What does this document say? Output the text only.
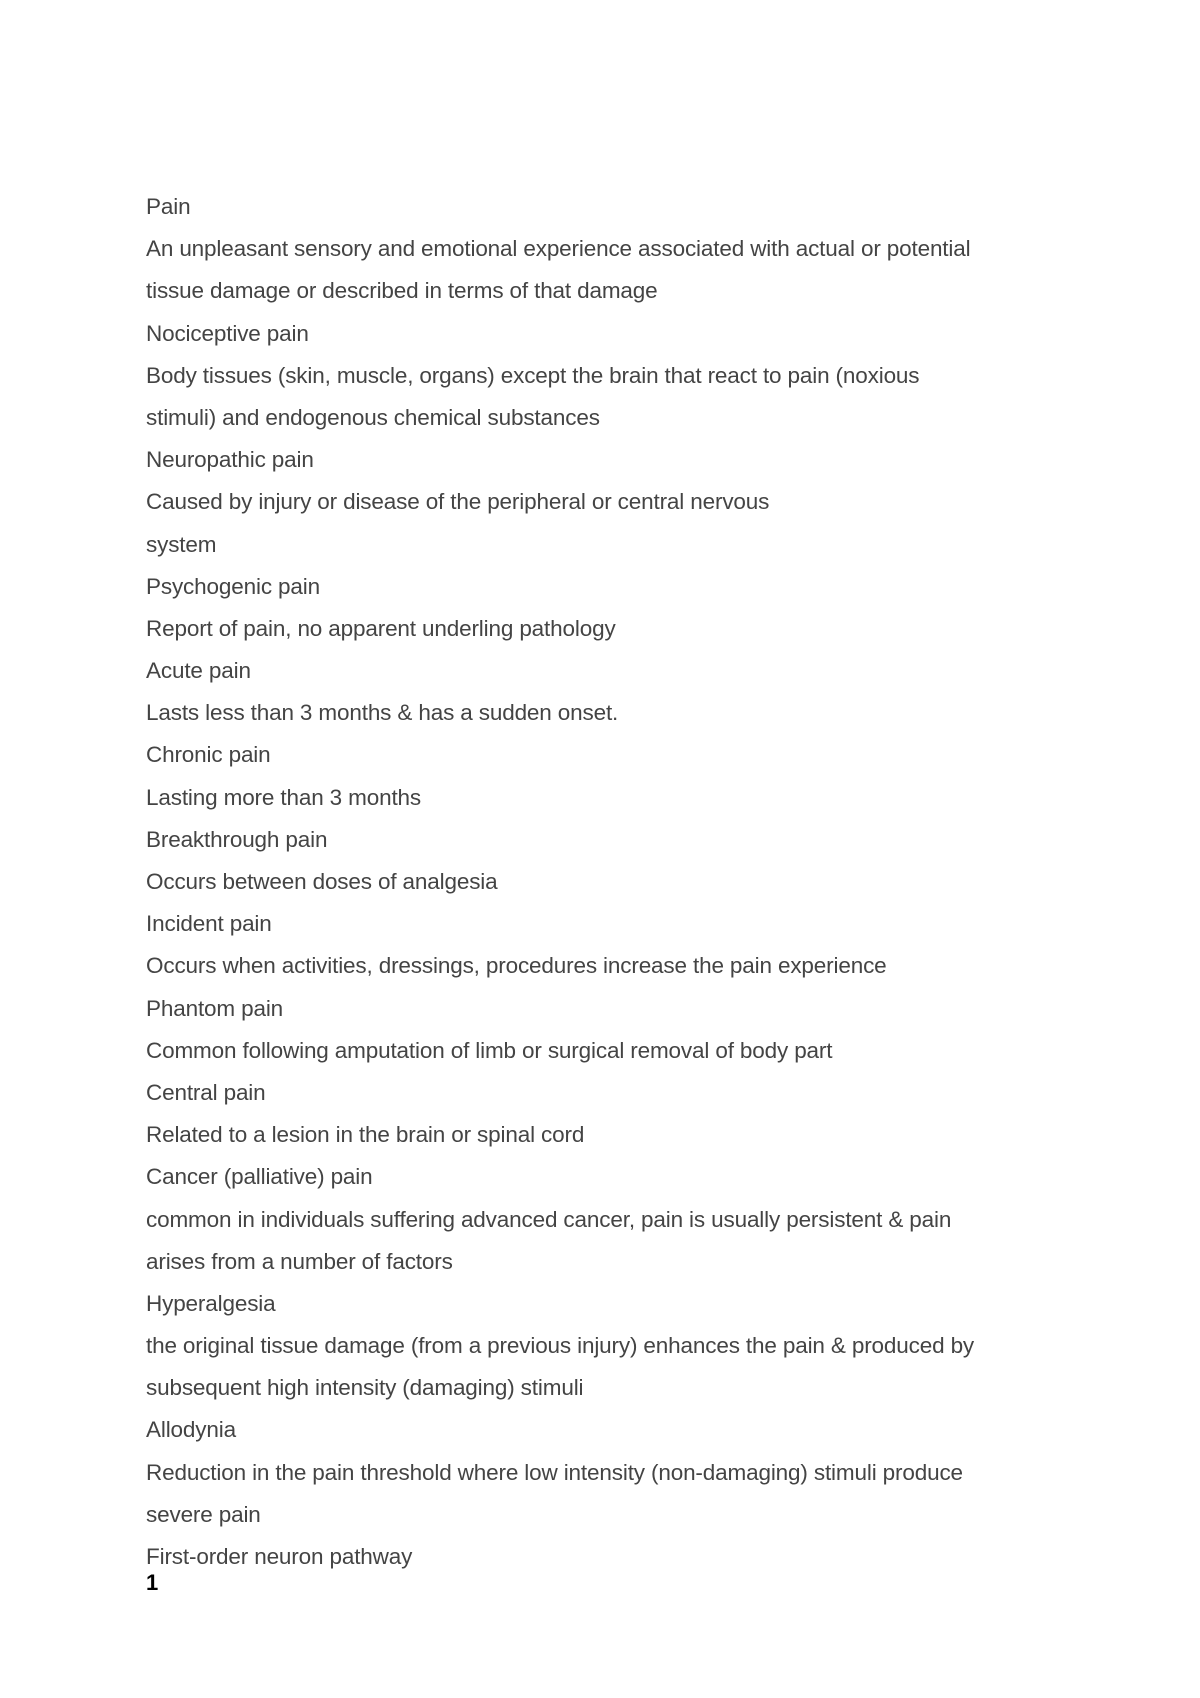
Pain
An unpleasant sensory and emotional experience associated with actual or potential
tissue damage or described in terms of that damage
Nociceptive pain
Body tissues (skin, muscle, organs) except the brain that react to pain (noxious
stimuli) and endogenous chemical substances
Neuropathic pain
Caused by injury or disease of the peripheral or central nervous
system
Psychogenic pain
Report of pain, no apparent underling pathology
Acute pain
Lasts less than 3 months & has a sudden onset.
Chronic pain
Lasting more than 3 months
Breakthrough pain
Occurs between doses of analgesia
Incident pain
Occurs when activities, dressings, procedures increase the pain experience
Phantom pain
Common following amputation of limb or surgical removal of body part
Central pain
Related to a lesion in the brain or spinal cord
Cancer (palliative) pain
common in individuals suffering advanced cancer, pain is usually persistent & pain
arises from a number of factors
Hyperalgesia
the original tissue damage (from a previous injury) enhances the pain & produced by
subsequent high intensity (damaging) stimuli
Allodynia
Reduction in the pain threshold where low intensity (non-damaging) stimuli produce
severe pain
First-order neuron pathway
1
